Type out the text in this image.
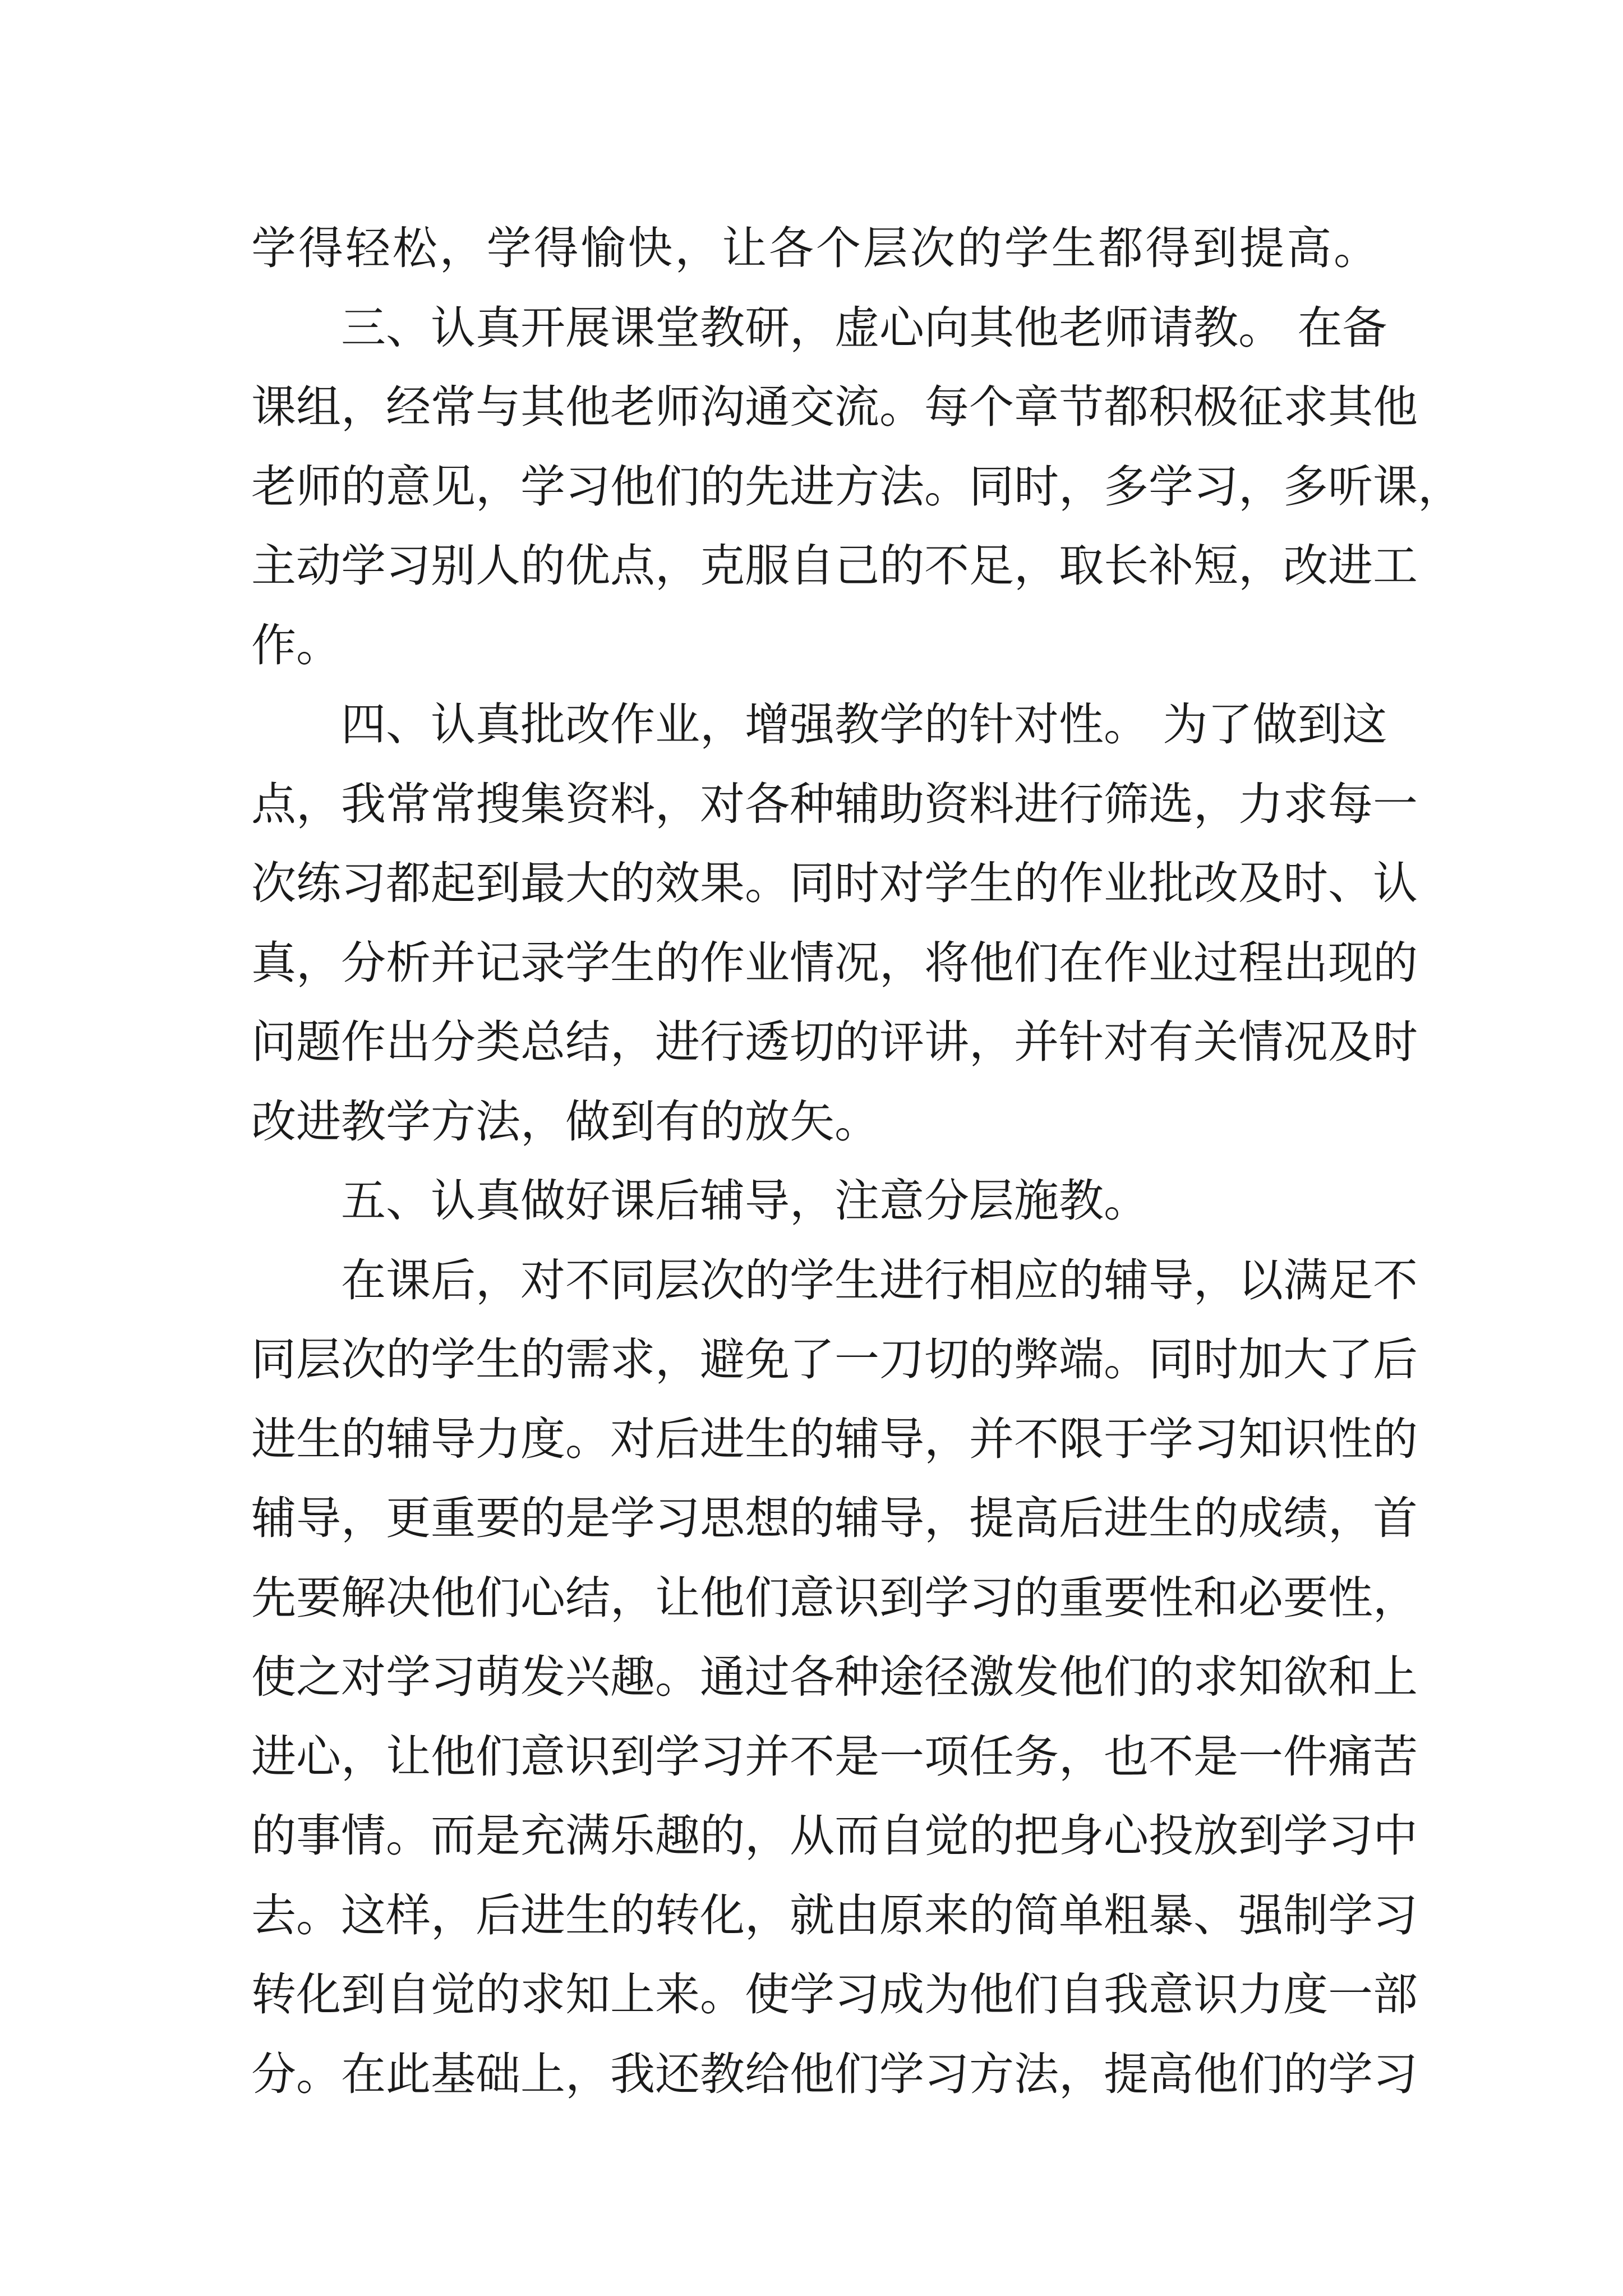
学得轻松，学得愉快，让各个层次的学生都得到提高。
三、认真开展课堂教研，虚心向其他老师请教。 在备
课组，经常与其他老师沟通交流。每个章节都积极征求其他
老师的意见，学习他们的先进方法。同时，多学习，多听课，
主动学习别人的优点，克服自己的不足，取长补短，改进工
作。
四、认真批改作业，增强教学的针对性。 为了做到这
点，我常常搜集资料，对各种辅助资料进行筛选，力求每一
次练习都起到最大的效果。同时对学生的作业批改及时、认
真，分析并记录学生的作业情况，将他们在作业过程出现的
问题作出分类总结，进行透切的评讲，并针对有关情况及时
改进教学方法，做到有的放矢。
五、认真做好课后辅导，注意分层施教。
在课后，对不同层次的学生进行相应的辅导，以满足不
同层次的学生的需求，避免了一刀切的弊端。同时加大了后
进生的辅导力度。对后进生的辅导，并不限于学习知识性的
辅导，更重要的是学习思想的辅导，提高后进生的成绩，首
先要解决他们心结，让他们意识到学习的重要性和必要性，
使之对学习萌发兴趣。通过各种途径激发他们的求知欲和上
进心，让他们意识到学习并不是一项任务，也不是一件痛苦
的事情。而是充满乐趣的，从而自觉的把身心投放到学习中
去。这样，后进生的转化，就由原来的简单粗暴、强制学习
转化到自觉的求知上来。使学习成为他们自我意识力度一部
分。在此基础上，我还教给他们学习方法，提高他们的学习
